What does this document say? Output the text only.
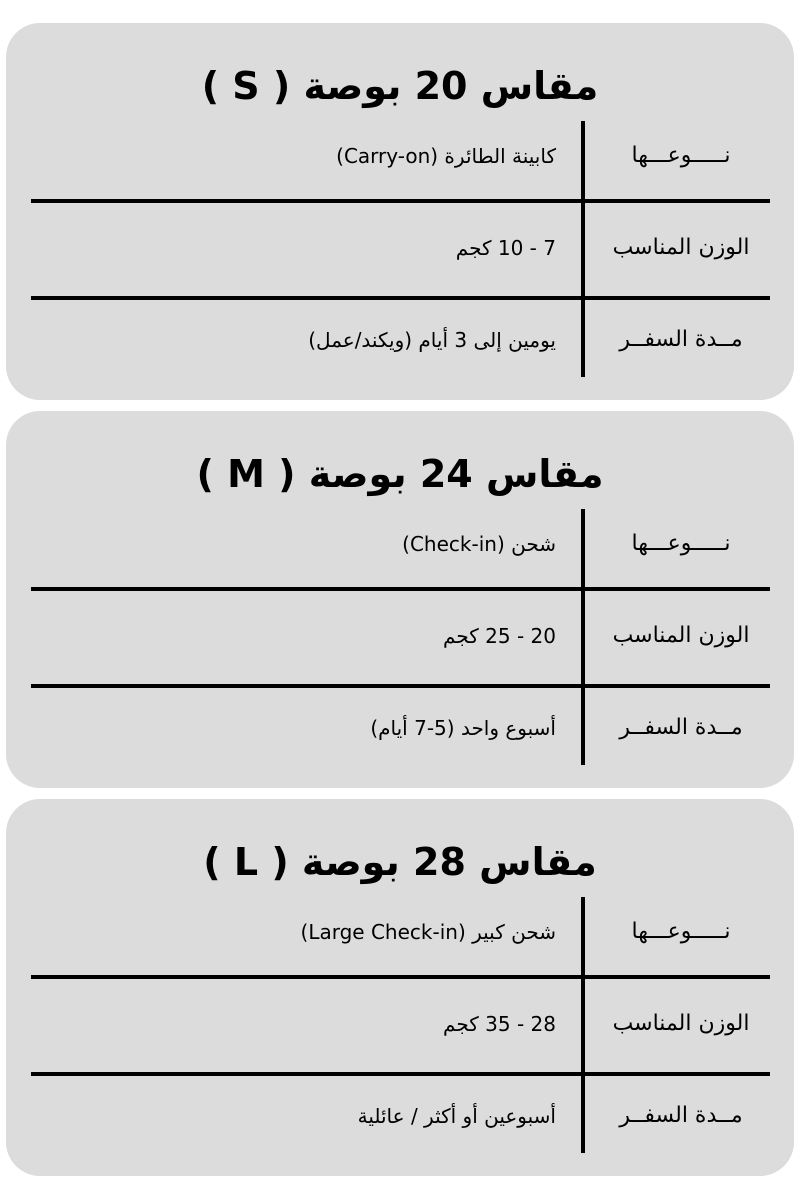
مقاس 20 بوصة ( S )
نـــــوعـــها
كابينة الطائرة (Carry-on)
الوزن المناسب
7 - 10 كجم
مــدة السفــر
يومين إلى 3 أيام (ويكند/عمل)
مقاس 24 بوصة ( M )
نـــــوعـــها
شحن (Check-in)
الوزن المناسب
20 - 25 كجم
مــدة السفــر
أسبوع واحد (5-7 أيام)
مقاس 28 بوصة ( L )
نـــــوعـــها
شحن كبير (Large Check-in)
الوزن المناسب
28 - 35 كجم
مــدة السفــر
أسبوعين أو أكثر / عائلية
